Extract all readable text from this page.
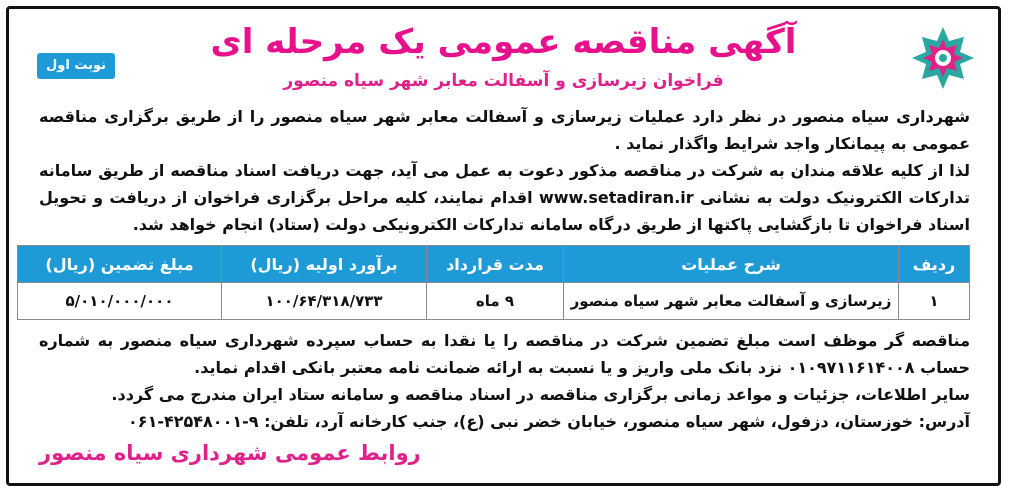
نوبت اول
آگهی مناقصه عمومی یک مرحله ای
فراخوان زیرسازی و آسفالت معابر شهر سیاه منصور
شهرداری سیاه منصور در نظر دارد عملیات زیرسازی و آسفالت معابر شهر سیاه منصور را از طریق برگزاری مناقصه عمومی به پیمانکار واجد شرایط واگذار نماید .
لذا از کلیه علاقه مندان به شرکت در مناقصه مذکور دعوت به عمل می آید، جهت دریافت اسناد مناقصه از طریق سامانه تدارکات الکترونیک دولت به نشانی www.setadiran.ir اقدام نمایند، کلیه مراحل برگزاری فراخوان از دریافت و تحویل اسناد فراخوان تا بازگشایی پاکتها از طریق درگاه سامانه تدارکات الکترونیکی دولت (ستاد) انجام خواهد شد.
ردیف	شرح عملیات	مدت قرارداد	برآورد اولیه (ریال)	مبلغ تضمین (ریال)
۱	زیرسازی و آسفالت معابر شهر سیاه منصور	۹ ماه	۱۰۰/۶۴/۳۱۸/۷۳۳	۵/۰۱۰/۰۰۰/۰۰۰
مناقصه گر موظف است مبلغ تضمین شرکت در مناقصه را یا نقدا به حساب سپرده شهرداری سیاه منصور به شماره حساب ۰۱۰۹۷۱۱۶۱۴۰۰۸ نزد بانک ملی واریز و یا نسبت به ارائه ضمانت نامه معتبر بانکی اقدام نماید.
سایر اطلاعات، جزئیات و مواعد زمانی برگزاری مناقصه در اسناد مناقصه و سامانه ستاد ایران مندرج می گردد.
آدرس: خوزستان، دزفول، شهر سیاه منصور، خیابان خضر نبی (ع)، جنب کارخانه آرد، تلفن: ۹-۴۲۵۴۸۰۰۱-۰۶۱
روابط عمومی شهرداری سیاه منصور
